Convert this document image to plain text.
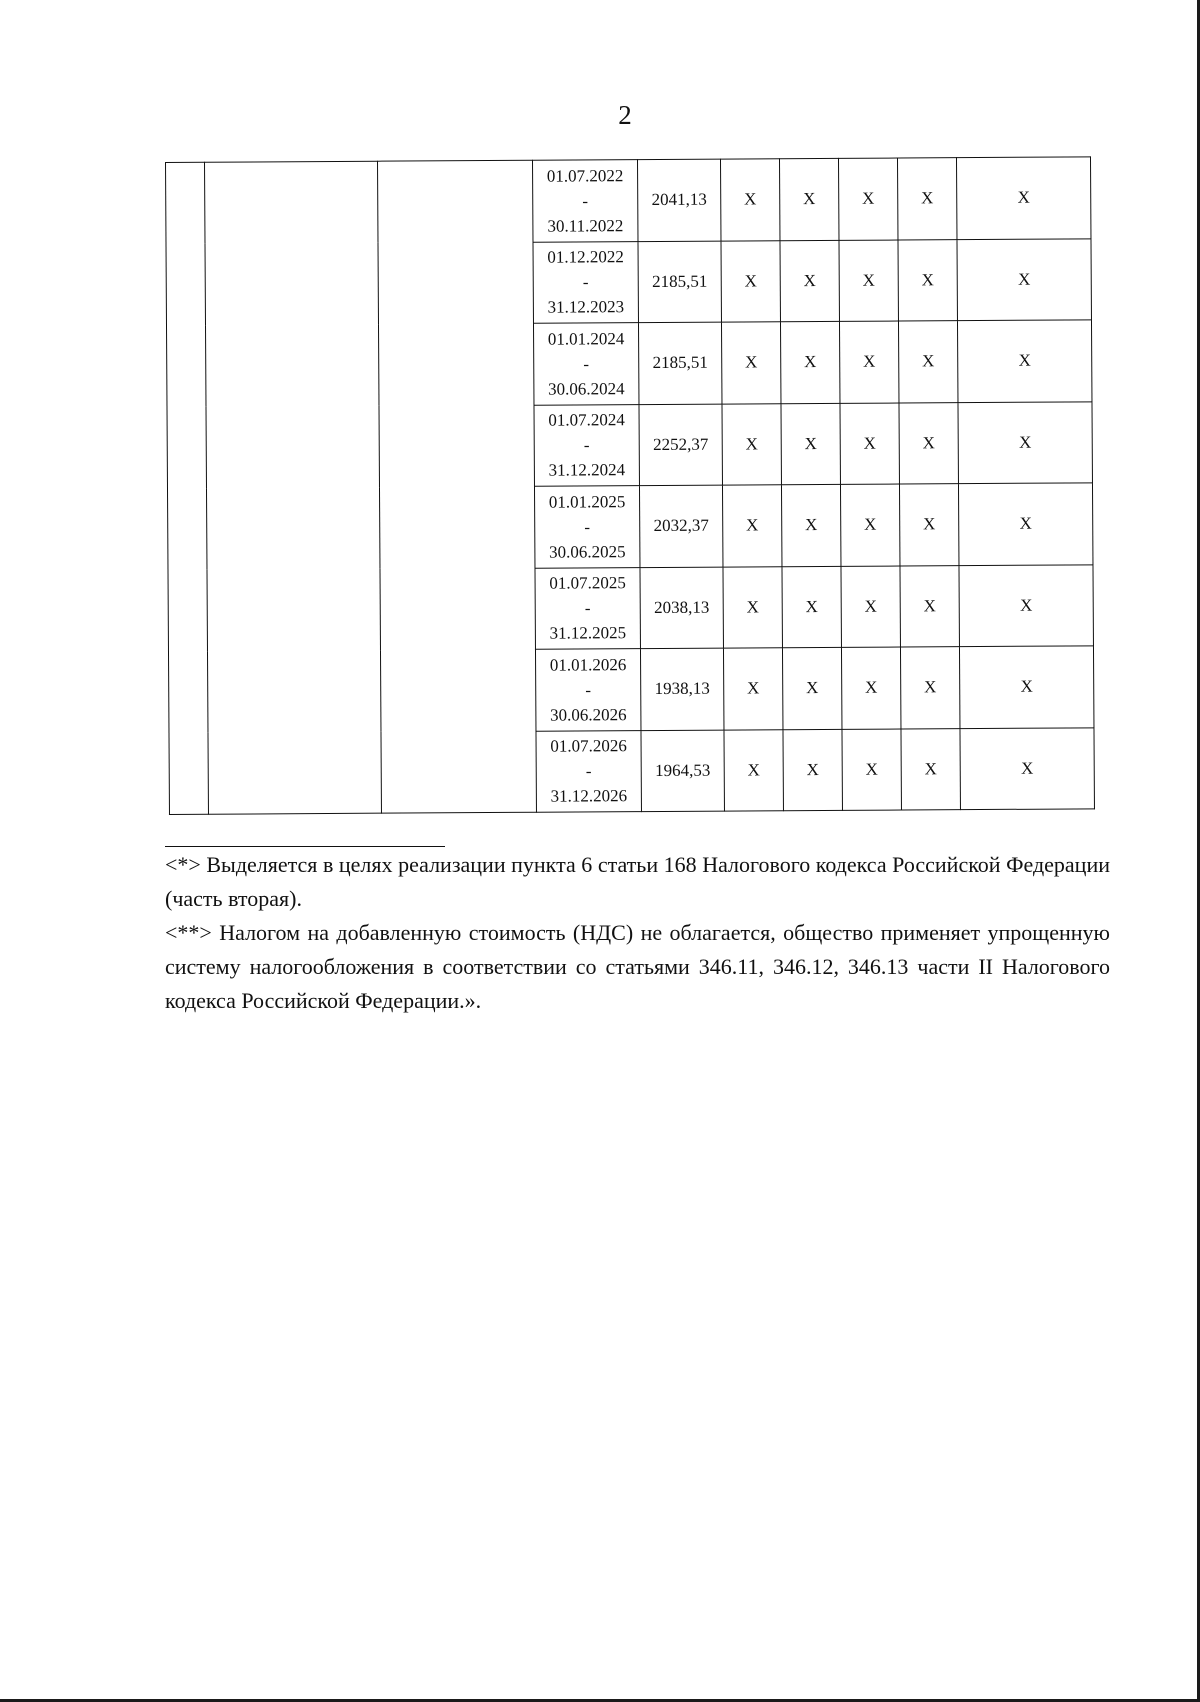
2

			01.07.2022
-
30.11.2022	2041,13	X	X	X	X	X

			01.12.2022
-
31.12.2023	2185,51	X	X	X	X	X

			01.01.2024
-
30.06.2024	2185,51	X	X	X	X	X

			01.07.2024
-
31.12.2024	2252,37	X	X	X	X	X

			01.01.2025
-
30.06.2025	2032,37	X	X	X	X	X

			01.07.2025
-
31.12.2025	2038,13	X	X	X	X	X

			01.01.2026
-
30.06.2026	1938,13	X	X	X	X	X

			01.07.2026
-
31.12.2026	1964,53	X	X	X	X	X

<*> Выделяется в целях реализации пункта 6 статьи 168 Налогового кодекса Российской Федерации (часть вторая).

<**> Налогом на добавленную стоимость (НДС) не облагается, общество применяет упрощенную систему налогообложения в соответствии со статьями 346.11, 346.12, 346.13 части II Налогового кодекса Российской Федерации.».
